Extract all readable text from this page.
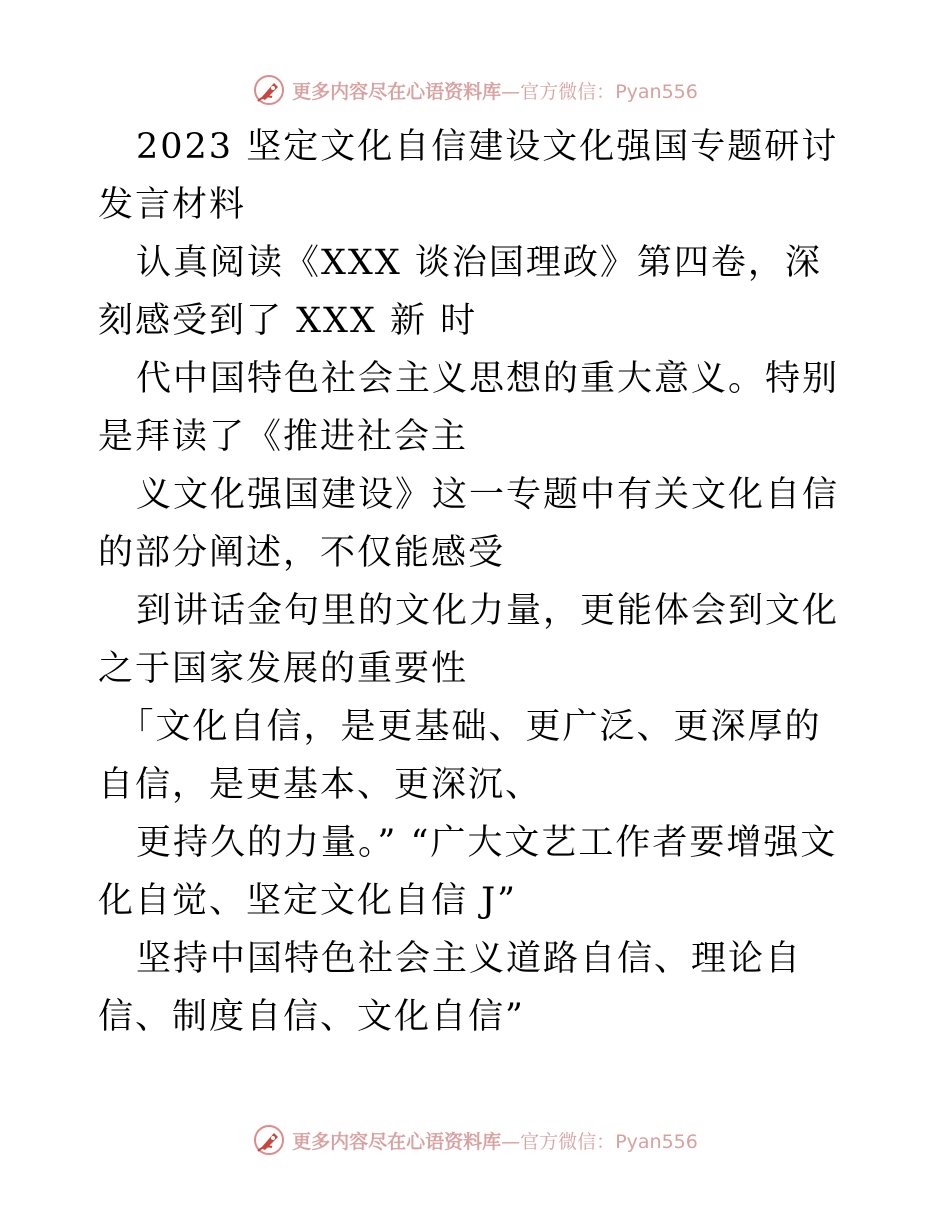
更多内容尽在心语资料库—官方微信：Pyan556

2023 坚定文化自信建设文化强国专题研讨发言材料

认真阅读《XXX 谈治国理政》第四卷，深刻感受到了 XXX 新 时

代中国特色社会主义思想的重大意义。特别是拜读了《推进社会主

义文化强国建设》这一专题中有关文化自信的部分阐述，不仅能感受

到讲话金句里的文化力量，更能体会到文化之于国家发展的重要性

｢文化自信，是更基础、更广泛、更深厚的自信，是更基本、更深沉、

更持久的力量。” “广大文艺工作者要增强文化自觉、坚定文化自信 J”

坚持中国特色社会主义道路自信、理论自信、制度自信、文化自信”

更多内容尽在心语资料库—官方微信：Pyan556
